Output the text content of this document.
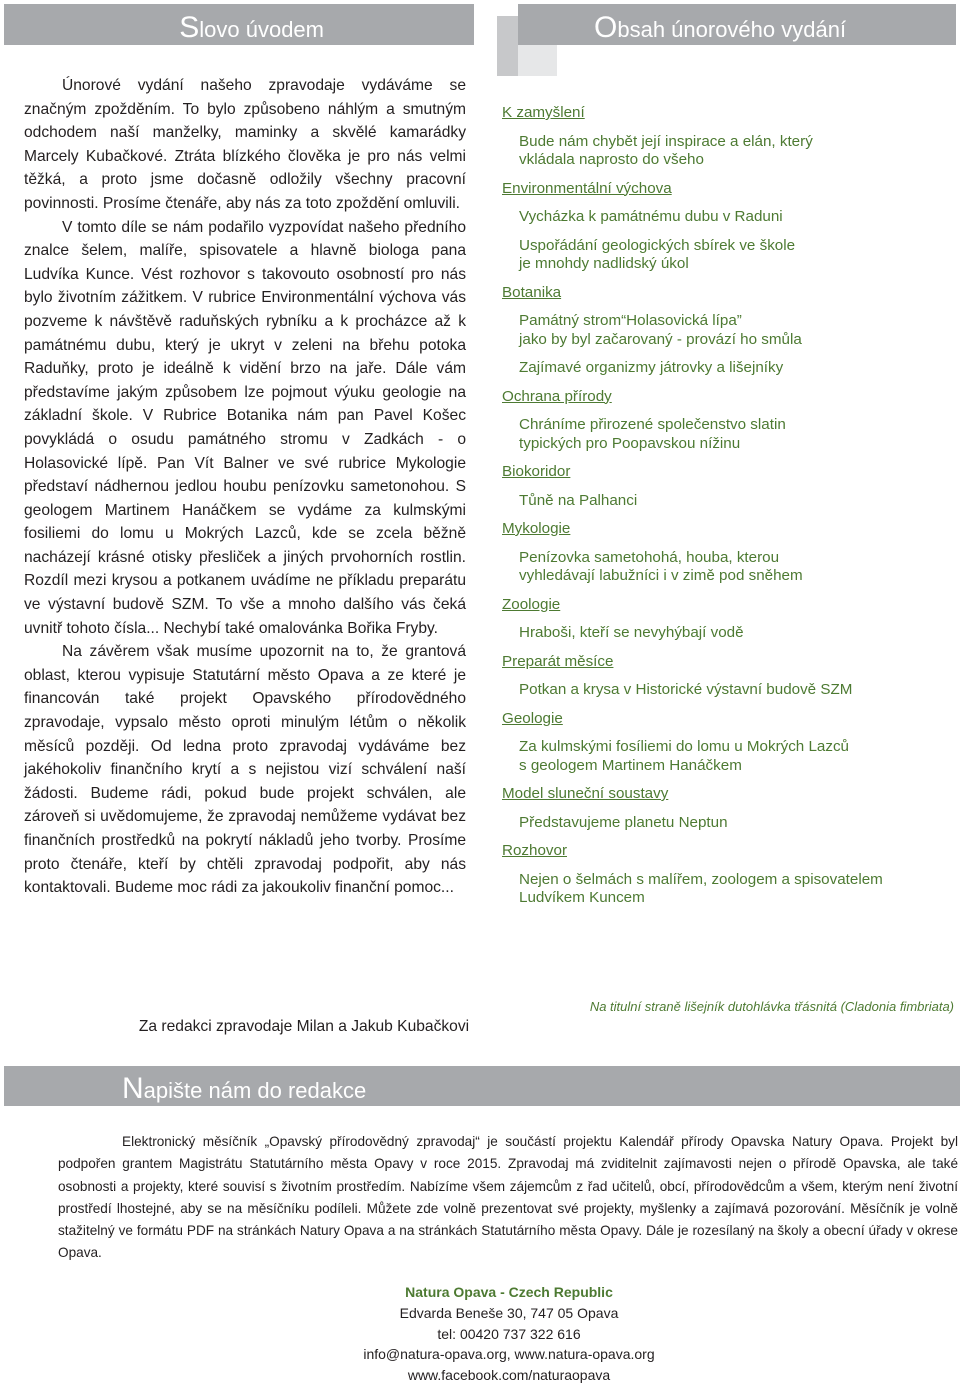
Slovo úvodem	Obsah únorového vydání

Únorové vydání našeho zpravodaje vydáváme se značným zpožděním. To bylo způsobeno náhlým a smutným odchodem naší manželky, maminky a skvělé kamarádky Marcely Kubačkové. Ztráta blízkého člověka je pro nás velmi těžká, a proto jsme dočasně odložily všechny pracovní povinnosti. Prosíme čtenáře, aby nás za toto zpoždění omluvili.

V tomto díle se nám podařilo vyzpovídat našeho předního znalce šelem, malíře, spisovatele a hlavně biologa pana Ludvíka Kunce. Vést rozhovor s takovouto osobností pro nás bylo životním zážitkem. V rubrice Environmentální výchova vás pozveme k návštěvě raduňských rybníku a k procházce až k památnému dubu, který je ukryt v zeleni na břehu potoka Raduňky, proto je ideálně k vidění brzo na jaře. Dále vám představíme jakým způsobem lze pojmout výuku geologie na základní škole. V Rubrice Botanika nám pan Pavel Košec povykládá o osudu památného stromu v Zadkách - o Holasovické lípě. Pan Vít Balner ve své rubrice Mykologie představí nádhernou jedlou houbu penízovku sametonohou. S geologem Martinem Hanáčkem se vydáme za kulmskými fosiliemi do lomu u Mokrých Lazců, kde se zcela běžně nacházejí krásné otisky přesliček a jiných prvohorních rostlin. Rozdíl mezi krysou a potkanem uvádíme ne příkladu preparátu ve výstavní budově SZM. To vše a mnoho dalšího vás čeká uvnitř tohoto čísla... Nechybí také omalovánka Bořika Fryby.

Na závěrem však musíme upozornit na to, že grantová oblast, kterou vypisuje Statutární město Opava a ze které je financován také projekt Opavského přírodovědného zpravodaje, vypsalo město oproti minulým létům o několik měsíců později. Od ledna proto zpravodaj vydáváme bez jakéhokoliv finančního krytí a s nejistou vizí schválení naší žádosti. Budeme rádi, pokud bude projekt schválen, ale zároveň si uvědomujeme, že zpravodaj nemůžeme vydávat bez finančních prostředků na pokrytí nákladů jeho tvorby. Prosíme proto čtenáře, kteří by chtěli zpravodaj podpořit, aby nás kontaktovali. Budeme moc rádi za jakoukoliv finanční pomoc...

Za redakci zpravodaje Milan a Jakub Kubačkovi
K zamyšlení
Bude nám chybět její inspirace a elán, který
vkládala naprosto do všeho
Environmentální výchova
Vycházka k památnému dubu v Raduni
Uspořádání geologických sbírek ve škole
je mnohdy nadlidský úkol
Botanika
Památný strom“Holasovická lípa”
jako by byl začarovaný - provází ho smůla
Zajímavé organizmy játrovky a lišejníky
Ochrana přírody
Chráníme přirozené společenstvo slatin
typických pro Poopavskou nížinu
Biokoridor
Tůně na Palhanci
Mykologie
Penízovka sametohohá, houba, kterou
vyhledávají labužníci i v zimě pod sněhem
Zoologie
Hraboši, kteří se nevyhýbají vodě
Preparát měsíce
Potkan a krysa v Historické výstavní budově SZM
Geologie
Za kulmskými fosíliemi do lomu u Mokrých Lazců
s geologem Martinem Hanáčkem
Model sluneční soustavy
Představujeme planetu Neptun
Rozhovor
Nejen o šelmách s malířem, zoologem a spisovatelem
Ludvíkem Kuncem
Na titulní straně lišejník dutohlávka třásnitá (Cladonia fimbriata)
Napište nám do redakce

Elektronický měsíčník „Opavský přírodovědný zpravodaj“ je součástí projektu Kalendář přírody Opavska Natury Opava. Projekt byl podpořen grantem Magistrátu Statutárního města Opavy v roce 2015. Zpravodaj má zviditelnit zajímavosti nejen o přírodě Opavska, ale také osobnosti a projekty, které souvisí s životním prostředím. Nabízíme všem zájemcům z řad učitelů, obcí, přírodovědcům a všem, kterým není životní prostředí lhostejné, aby se na měsíčníku podíleli. Můžete zde volně prezentovat své projekty, myšlenky a zajímavá pozorování. Měsíčník je volně stažitelný ve formátu PDF na stránkách Natury Opava a na stránkách Statutárního města Opavy. Dále je rozesílaný na školy a obecní úřady v okrese Opava.

Natura Opava - Czech Republic
Edvarda Beneše 30, 747 05 Opava
tel: 00420 737 322 616
info@natura-opava.org, www.natura-opava.org
www.facebook.com/naturaopava
